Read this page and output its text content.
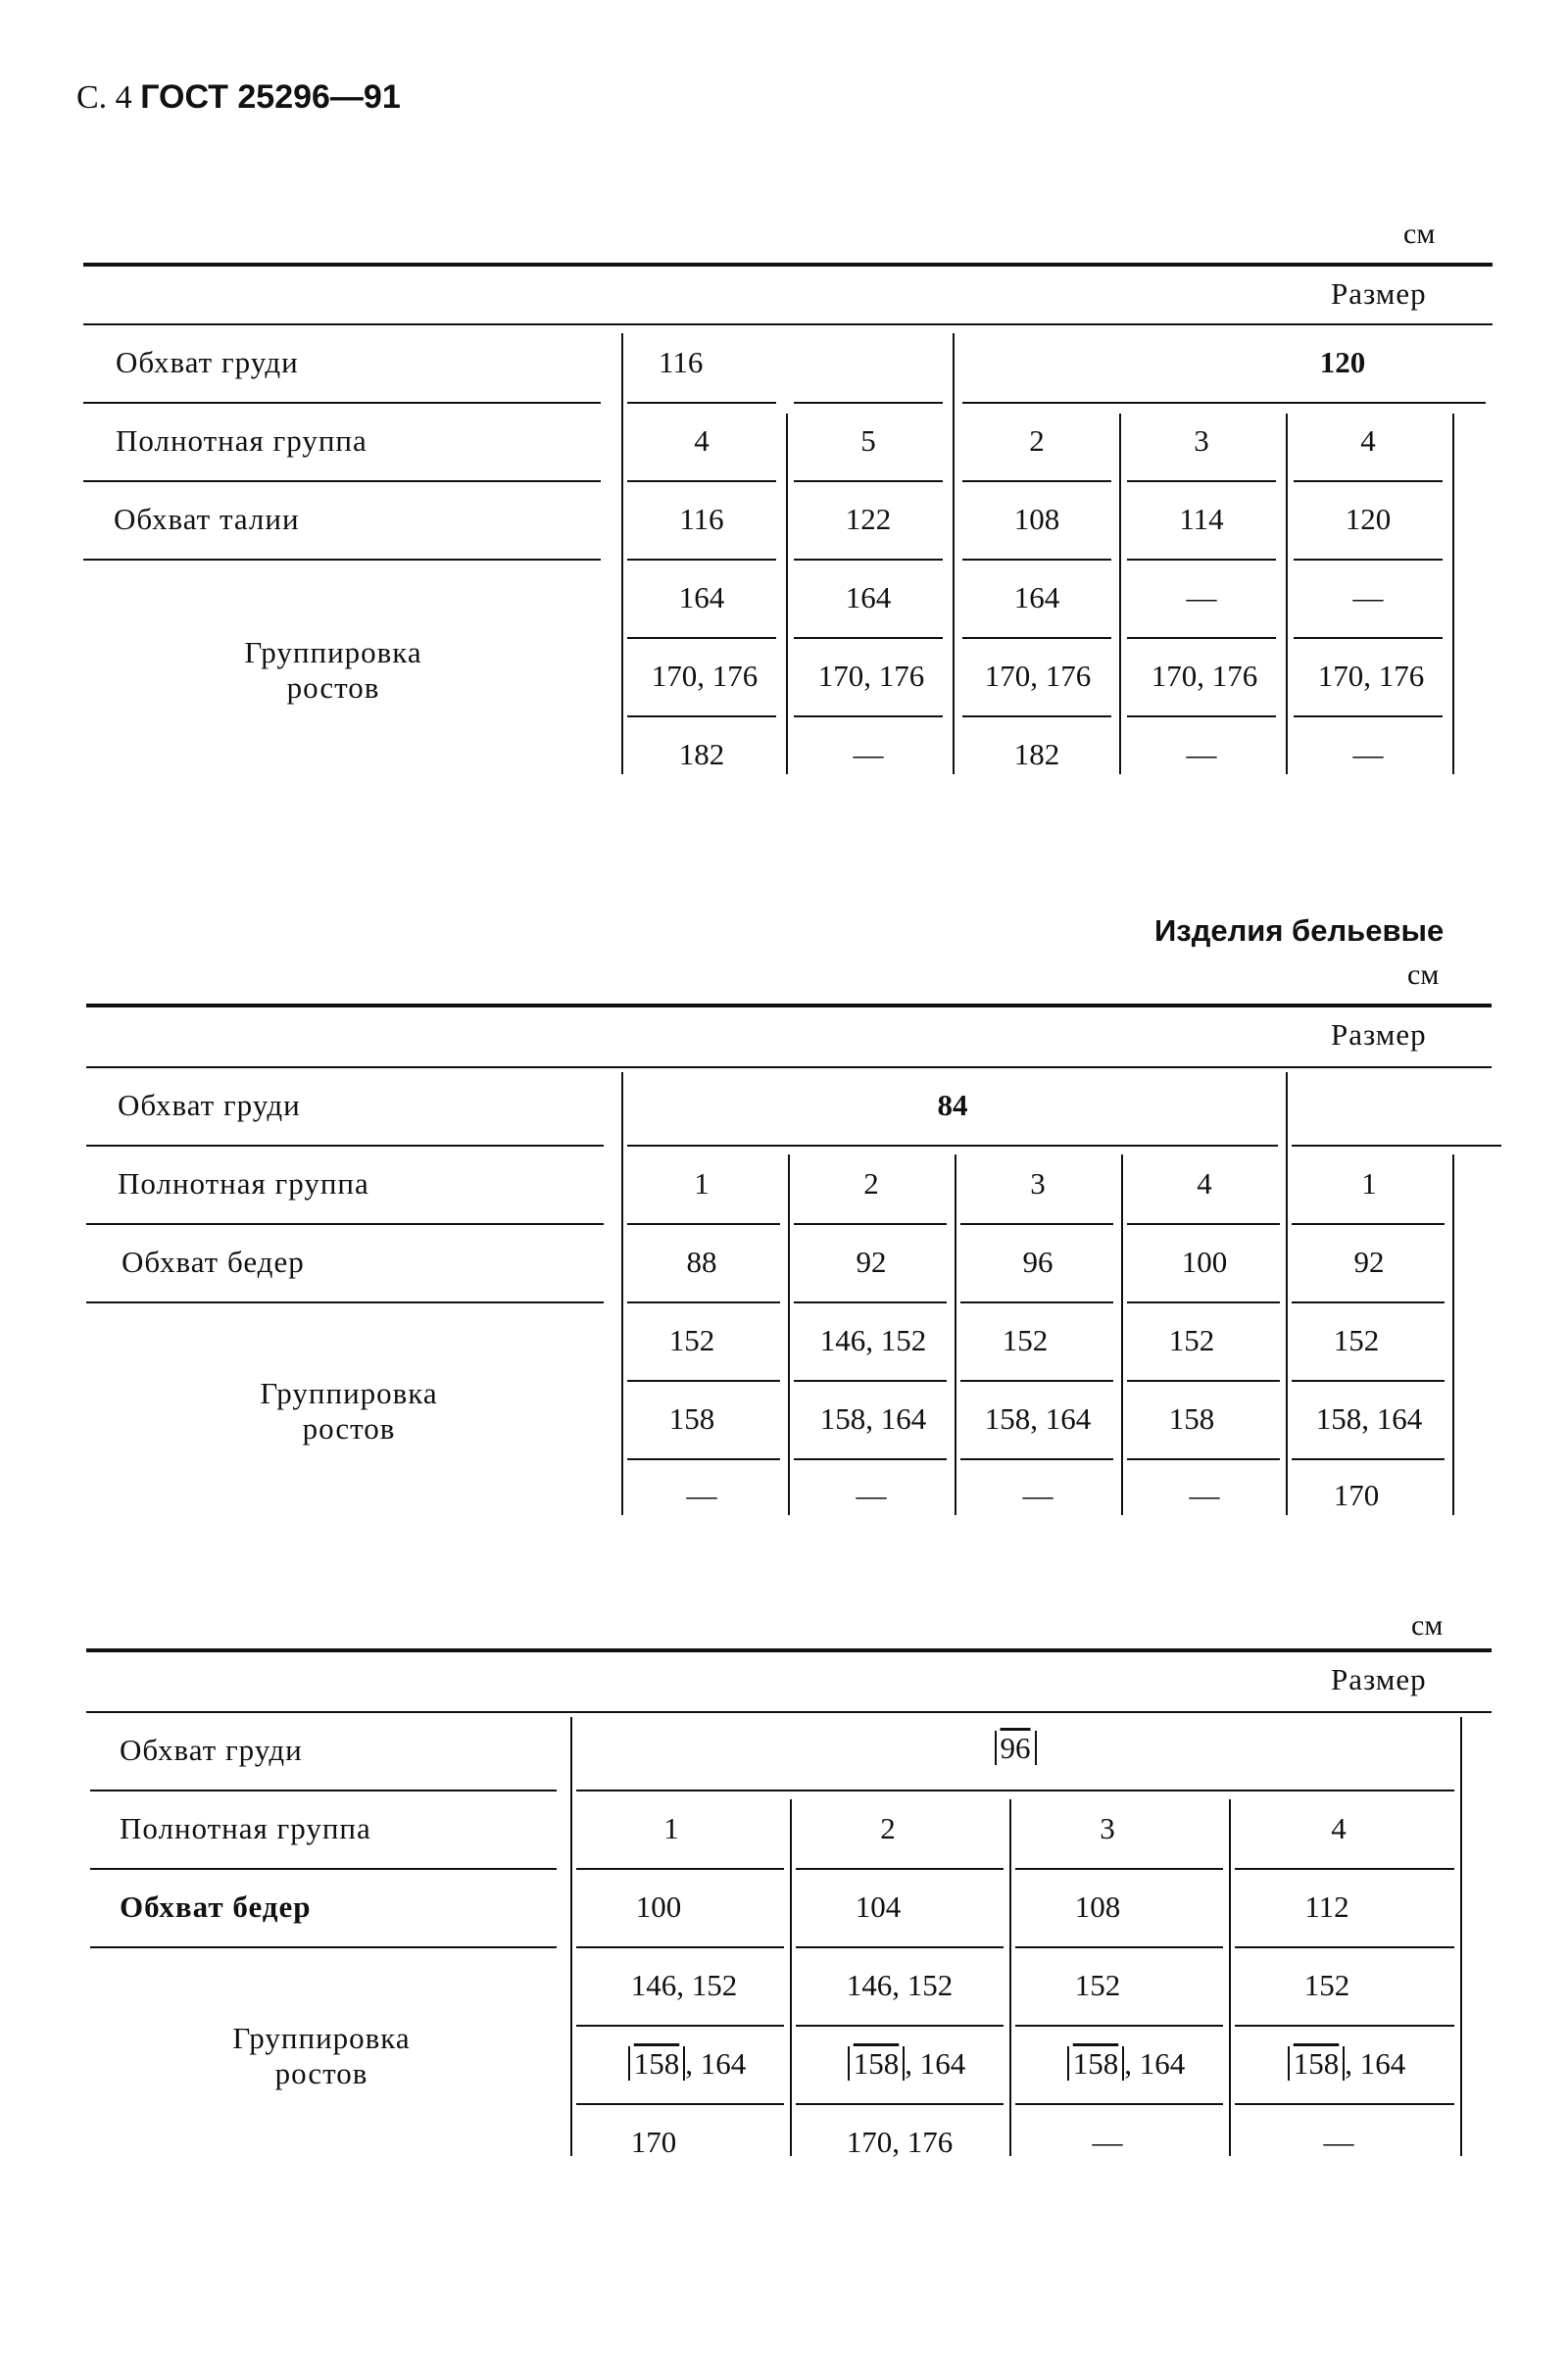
С. 4 ГОСТ 25296—91
см
Размер
Обхват груди
Полнотная группа
Обхват талии
Группировка ростов
116	120
4
116
164
170, 176
182
5
122
164
170, 176
—
2
108
164
170, 176
182
3
114
—
170, 176
—
4
120
—
170, 176
—
Изделия бельевые
см
Размер
Обхват груди
Полнотная группа
Обхват бедер
Группировка ростов
84
1
88
152
158
—
2
92
146, 152
158, 164
—
3
96
152
158, 164
—
4
100
152
158
—
1
92
152
158, 164
170
см
Размер
Обхват груди
Полнотная группа
Обхват бедер
Группировка ростов
96
1
100
146, 152
158 , 164
170
2
104
146, 152
158 , 164
170, 176
3
108
152
158 , 164
—
4
112
152
158 , 164
—
